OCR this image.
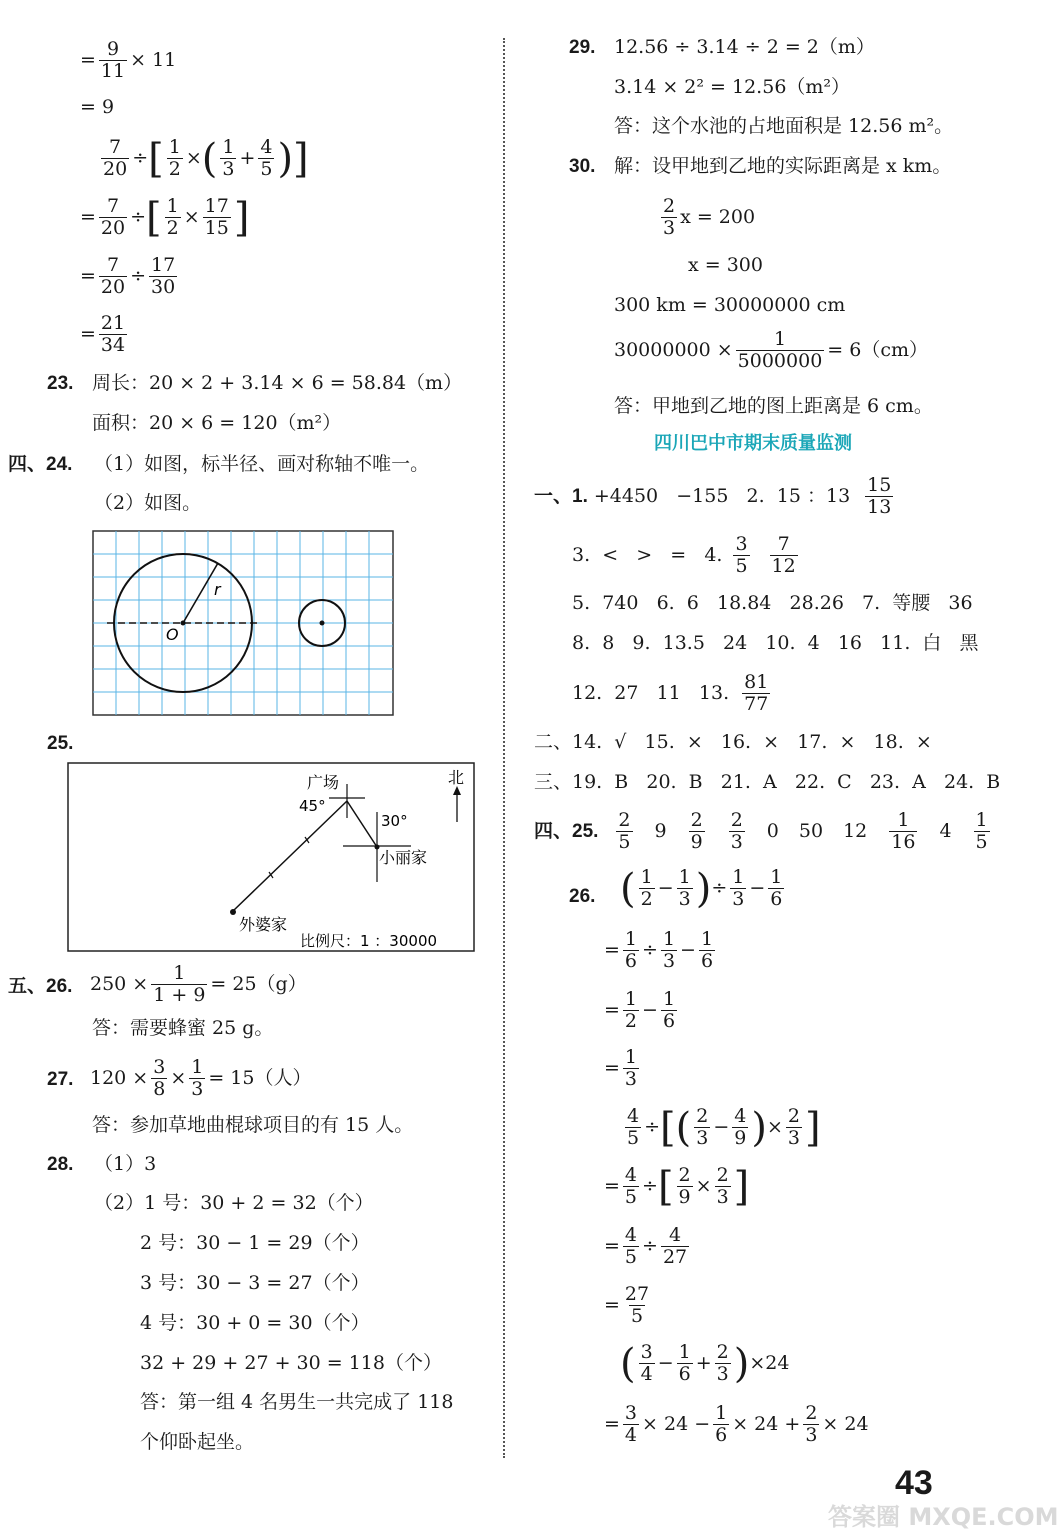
= $\frac{9}{11} \times 11$
= 9
$\frac{7}{20}$ ÷ [ $\frac{1}{2}$ × ( $\frac{1}{3} + \frac{4}{5}$ )]
= $\frac{7}{20}$ ÷ [ $\frac{1}{2} \times \frac{17}{15}$ ]
= $\frac{7}{20} \div \frac{17}{30}$
= $\frac{21}{34}$
23. 周长：20 × 2 + 3.14 × 6 = 58.84（m）
面积：20 × 6 = 120（m²）
四、24. （1）如图，标半径、画对称轴不唯一。
（2）如图。
r
O
25.
广场
45°
30°
小丽家
外婆家
北
比例尺：1 ：30000
五、26. $250 \times \frac{1}{1 + 9} = 25(g)$
答：需要蜂蜜 25 g。
27. $120 \times \frac{3}{8} \times \frac{1}{3} = 15$（人）
答：参加草地曲棍球项目的有 15 人。
28. （1）3
（2）1 号：30 + 2 = 32（个）
2 号：30 − 1 = 29（个）
3 号：30 − 3 = 27（个）
4 号：30 + 0 = 30（个）
32 + 29 + 27 + 30 = 118（个）
答：第一组 4 名男生一共完成了 118
个仰卧起坐。
29. 12.56 ÷ 3.14 ÷ 2 = 2（m）
3.14 × 2² = 12.56（m²）
答：这个水池的占地面积是 12.56 m²。
30. 解：设甲地到乙地的实际距离是 x km。
$\frac{2}{3}$ x = 200
x = 300
300 km = 30000000 cm
$30000000 \times \frac{1}{5000000} = 6(cm)$
答：甲地到乙地的图上距离是 6 cm。
四川巴中市期末质量监测
一、1. +4450   −155   2.  15 ：$13 \frac{15}{13}$
3.  <   >   =   4. $\frac{3}{5} \frac{7}{12}$
5.  740   6.  6   18.84   28.26   7.  等腰   36
8.  8   9.  13.5   24   10.  4   16   11.  白   黑
12.  27   11   13. $\frac{81}{77}$
二、14.  √   15.  ×   16.  ×   17.  ×   18.  ×
三、19.  B   20.  B   21.  A   22.  C   23.  A   24.  B
四、25. $\frac{2}{5} 9 \frac{2}{9} \frac{2}{3} 0$ 50 $12 \frac{1}{16} 4 \frac{1}{5}$
26. ( $\frac{1}{2} - \frac{1}{3}$ ) ÷ $\frac{1}{3} - \frac{1}{6}$
= $\frac{1}{6} \div \frac{1}{3} - \frac{1}{6}$
= $\frac{1}{2} - \frac{1}{6}$
= $\frac{1}{3}$
$\frac{4}{5}$ ÷ [( $\frac{2}{3} - \frac{4}{9}$ ) × $\frac{2}{3}$ ]
= $\frac{4}{5}$ ÷ [ $\frac{2}{9} \times \frac{2}{3}$ ]
= $\frac{4}{5} \div \frac{4}{27}$
= $\frac{27}{5}$
( $\frac{3}{4} - \frac{1}{6} + \frac{2}{3}$ ) ×24
= $\frac{3}{4} \times 24 - \frac{1}{6} \times 24 + \frac{2}{3} \times 24$
43
答案圈 MXQE.COM
